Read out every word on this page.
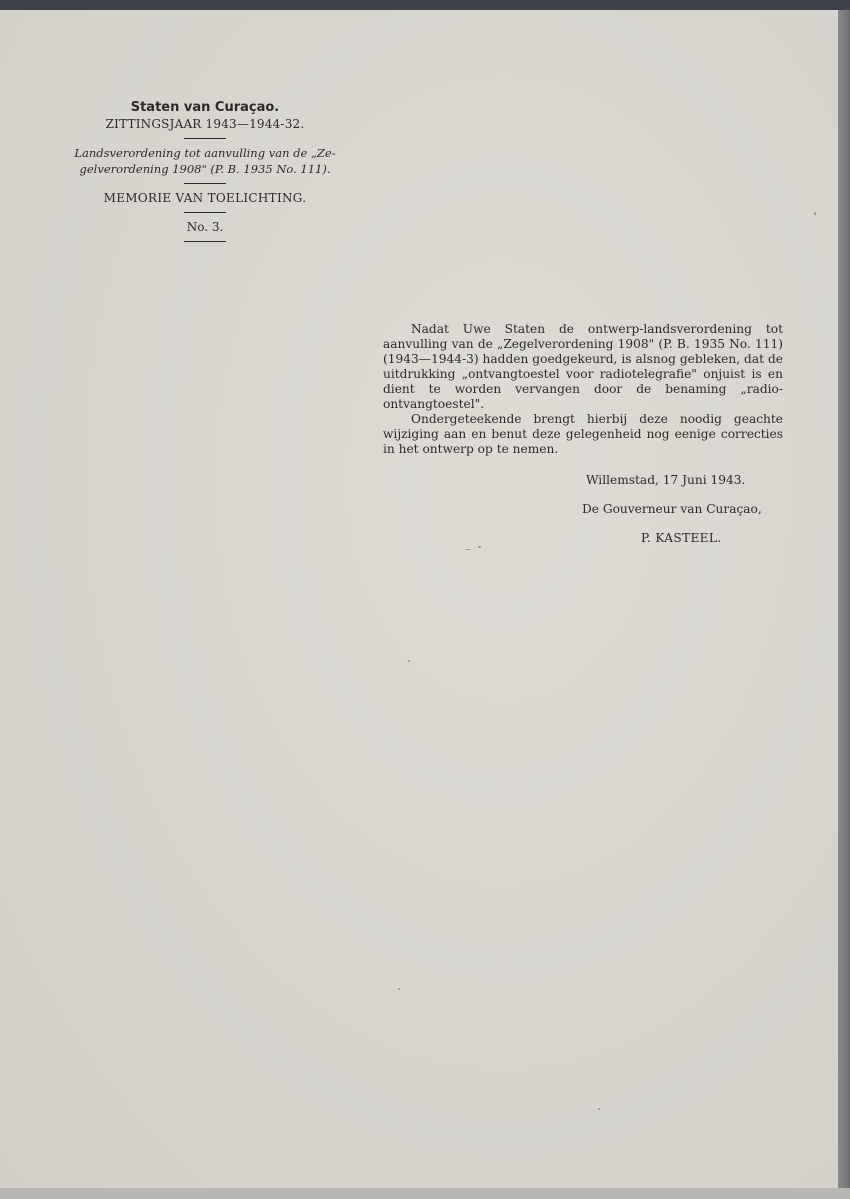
Staten van Curaçao.

ZITTINGSJAAR 1943—1944-32.

Landsverordening tot aanvulling van de „Ze-

gelverordening 1908" (P. B. 1935 No. 111).

MEMORIE VAN TOELICHTING.

No. 3.

Nadat Uwe Staten de ontwerp-landsverordening tot aanvulling van de „Zegelverordening 1908" (P. B. 1935 No. 111) (1943—1944-3) hadden goedgekeurd, is alsnog gebleken, dat de uitdrukking „ontvangtoestel voor radiotelegrafie" onjuist is en dient te worden vervangen door de benaming „radio-ontvangtoestel".

Ondergeteekende brengt hierbij deze noodig geachte wijziging aan en benut deze gelegenheid nog eenige correcties in het ontwerp op te nemen.

Willemstad, 17 Juni 1943.
De Gouverneur van Curaçao,
P. KASTEEL.
